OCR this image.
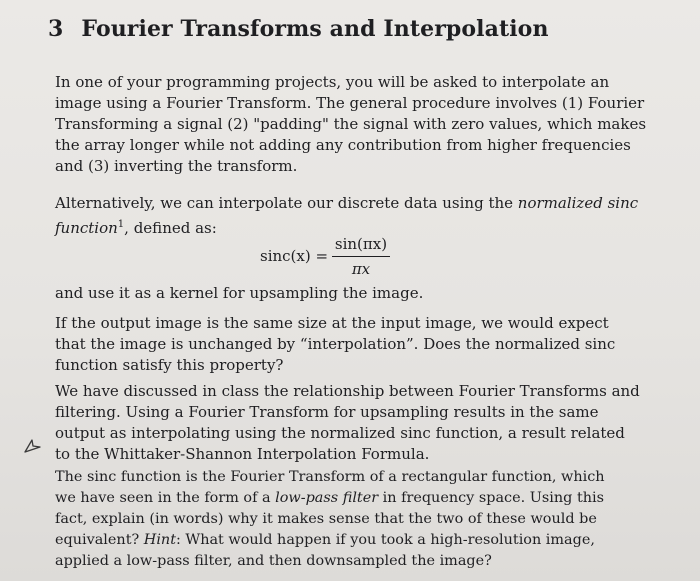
3 Fourier Transforms and Interpolation
In one of your programming projects, you will be asked to interpolate an
image using a Fourier Transform. The general procedure involves (1) Fourier
Transforming a signal (2) "padding" the signal with zero values, which makes
the array longer while not adding any contribution from higher frequencies
and (3) inverting the transform.
Alternatively, we can interpolate our discrete data using the normalized sinc
function$^1$, defined as:
sinc(x) =
sin(πx)
πx
and use it as a kernel for upsampling the image.
If the output image is the same size at the input image, we would expect
that the image is unchanged by “interpolation”. Does the normalized sinc
function satisfy this property?
We have discussed in class the relationship between Fourier Transforms and
filtering. Using a Fourier Transform for upsampling results in the same
output as interpolating using the normalized sinc function, a result related
to the Whittaker-Shannon Interpolation Formula.
The sinc function is the Fourier Transform of a rectangular function, which
we have seen in the form of a low-pass filter in frequency space. Using this
fact, explain (in words) why it makes sense that the two of these would be
equivalent? Hint: What would happen if you took a high-resolution image,
applied a low-pass filter, and then downsampled the image?
